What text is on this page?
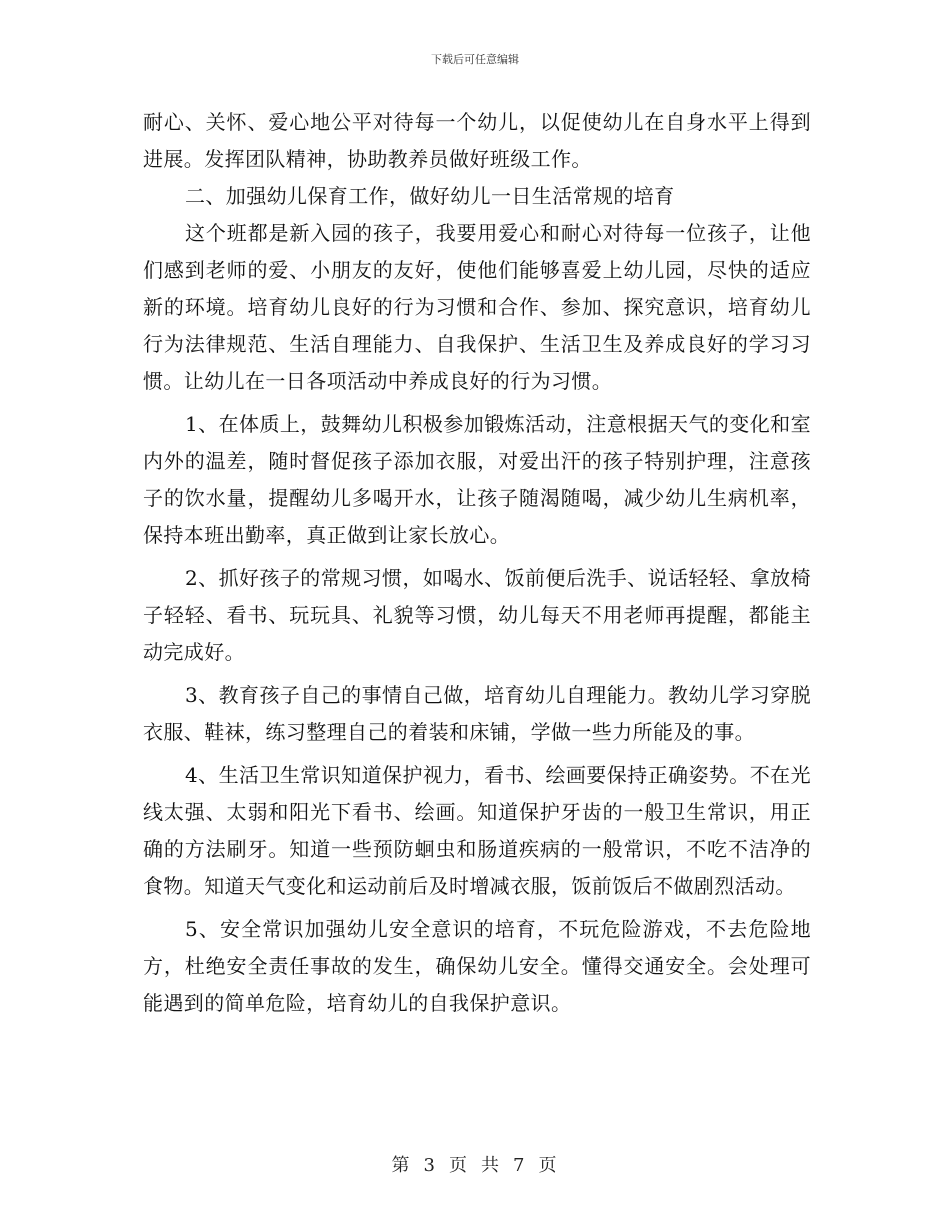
下载后可任意编辑

耐心、关怀、爱心地公平对待每一个幼儿，以促使幼儿在自身水平上得到进展。发挥团队精神，协助教养员做好班级工作。

二、加强幼儿保育工作，做好幼儿一日生活常规的培育

这个班都是新入园的孩子，我要用爱心和耐心对待每一位孩子，让他们感到老师的爱、小朋友的友好，使他们能够喜爱上幼儿园，尽快的适应新的环境。培育幼儿良好的行为习惯和合作、参加、探究意识，培育幼儿行为法律规范、生活自理能力、自我保护、生活卫生及养成良好的学习习惯。让幼儿在一日各项活动中养成良好的行为习惯。

1、在体质上，鼓舞幼儿积极参加锻炼活动，注意根据天气的变化和室内外的温差，随时督促孩子添加衣服，对爱出汗的孩子特别护理，注意孩子的饮水量，提醒幼儿多喝开水，让孩子随渴随喝，减少幼儿生病机率，保持本班出勤率，真正做到让家长放心。

2、抓好孩子的常规习惯，如喝水、饭前便后洗手、说话轻轻、拿放椅子轻轻、看书、玩玩具、礼貌等习惯，幼儿每天不用老师再提醒，都能主动完成好。

3、教育孩子自己的事情自己做，培育幼儿自理能力。教幼儿学习穿脱衣服、鞋袜，练习整理自己的着装和床铺，学做一些力所能及的事。

4、生活卫生常识知道保护视力，看书、绘画要保持正确姿势。不在光线太强、太弱和阳光下看书、绘画。知道保护牙齿的一般卫生常识，用正确的方法刷牙。知道一些预防蛔虫和肠道疾病的一般常识，不吃不洁净的食物。知道天气变化和运动前后及时增减衣服，饭前饭后不做剧烈活动。

5、安全常识加强幼儿安全意识的培育，不玩危险游戏，不去危险地方，杜绝安全责任事故的发生，确保幼儿安全。懂得交通安全。会处理可能遇到的简单危险，培育幼儿的自我保护意识。

第 3 页 共 7 页
